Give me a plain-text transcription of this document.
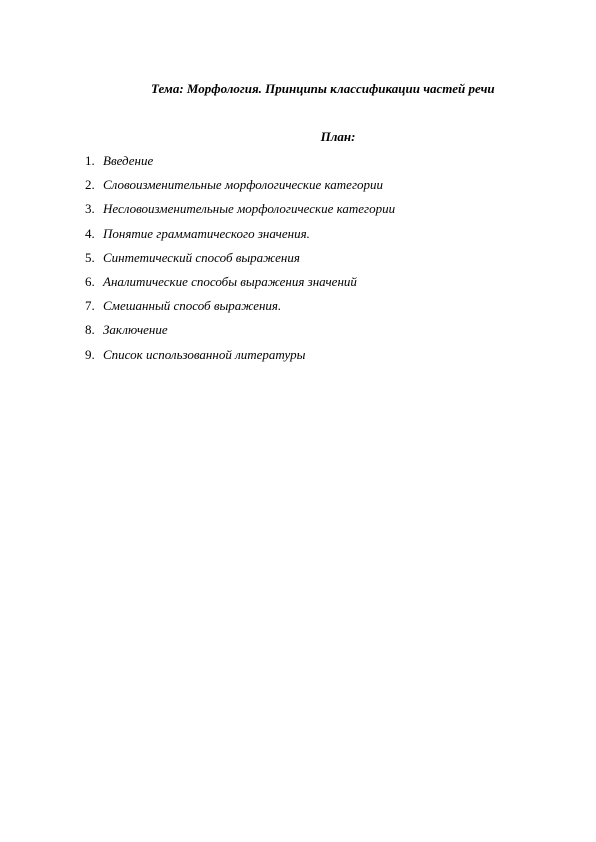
Тема: Морфология. Принципы классификации частей речи
План:
1. Введение
2. Словоизменительные морфологические категории
3. Несловоизменительные морфологические категории
4. Понятие грамматического значения.
5. Синтетический способ выражения
6. Аналитические способы выражения значений
7. Смешанный способ выражения.
8. Заключение
9. Список использованной литературы
